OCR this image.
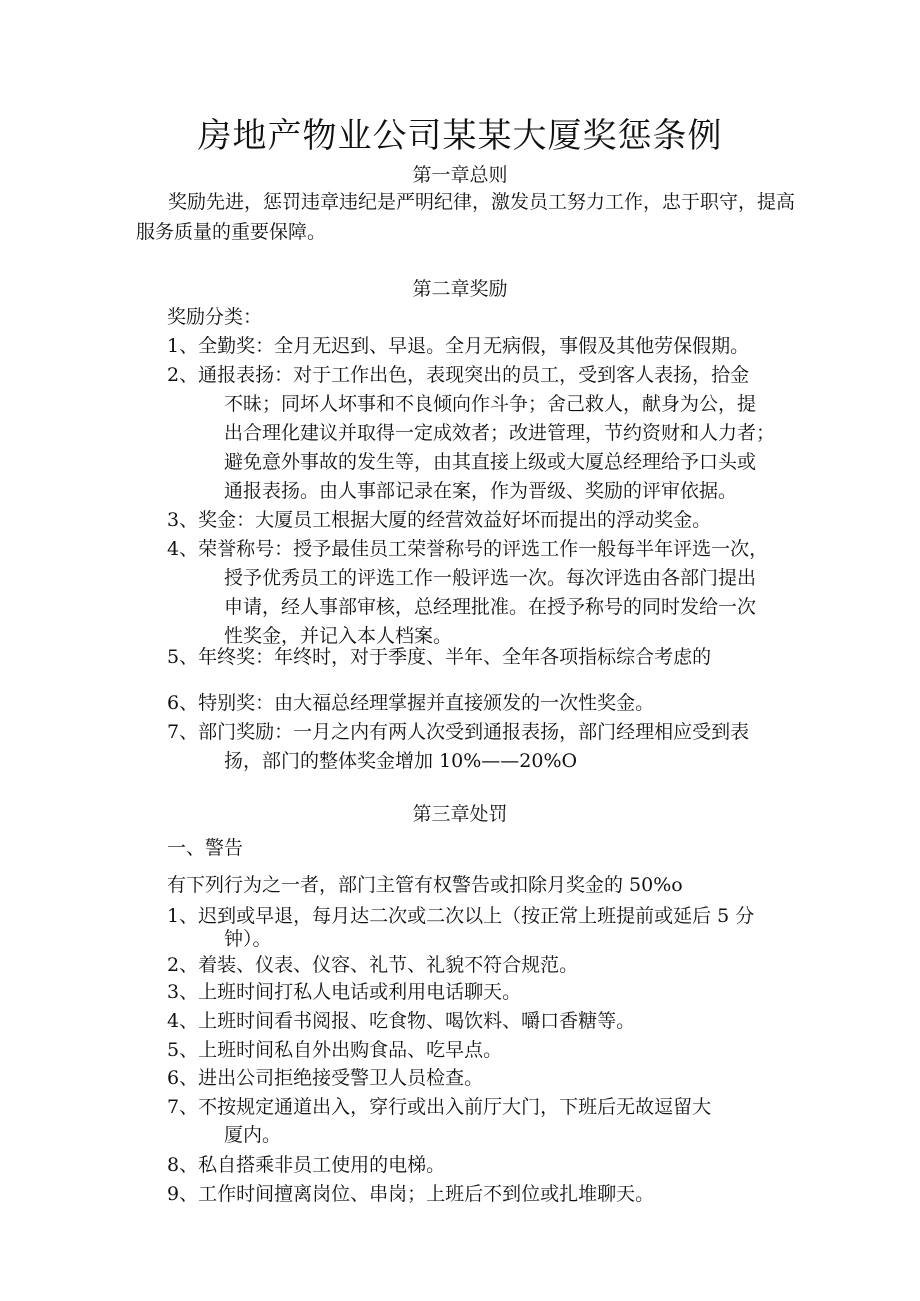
房地产物业公司某某大厦奖惩条例
第一章总则
奖励先进，惩罚违章违纪是严明纪律，激发员工努力工作，忠于职守，提高服务质量的重要保障。
第二章奖励
奖励分类：
1、全勤奖：全月无迟到、早退。全月无病假，事假及其他劳保假期。
2、通报表扬：对于工作出色，表现突出的员工，受到客人表扬，拾金
不昧；同坏人坏事和不良倾向作斗争；舍己救人，献身为公，提
出合理化建议并取得一定成效者；改进管理，节约资财和人力者；
避免意外事故的发生等，由其直接上级或大厦总经理给予口头或
通报表扬。由人事部记录在案，作为晋级、奖励的评审依据。
3、奖金：大厦员工根据大厦的经营效益好坏而提出的浮动奖金。
4、荣誉称号：授予最佳员工荣誉称号的评选工作一般每半年评选一次，
授予优秀员工的评选工作一般评选一次。每次评选由各部门提出
申请，经人事部审核，总经理批准。在授予称号的同时发给一次
性奖金，并记入本人档案。
5、年终奖：年终时，对于季度、半年、全年各项指标综合考虑的
6、特别奖：由大福总经理掌握并直接颁发的一次性奖金。
7、部门奖励：一月之内有两人次受到通报表扬，部门经理相应受到表
扬，部门的整体奖金增加 10%——20%O
第三章处罚
一、警告
有下列行为之一者，部门主管有权警告或扣除月奖金的 50%o
1、迟到或早退，每月达二次或二次以上（按正常上班提前或延后 5 分
钟）。
2、着装、仪表、仪容、礼节、礼貌不符合规范。
3、上班时间打私人电话或利用电话聊天。
4、上班时间看书阅报、吃食物、喝饮料、嚼口香糖等。
5、上班时间私自外出购食品、吃早点。
6、进出公司拒绝接受警卫人员检查。
7、不按规定通道出入，穿行或出入前厅大门，下班后无故逗留大
厦内。
8、私自搭乘非员工使用的电梯。
9、工作时间擅离岗位、串岗；上班后不到位或扎堆聊天。
